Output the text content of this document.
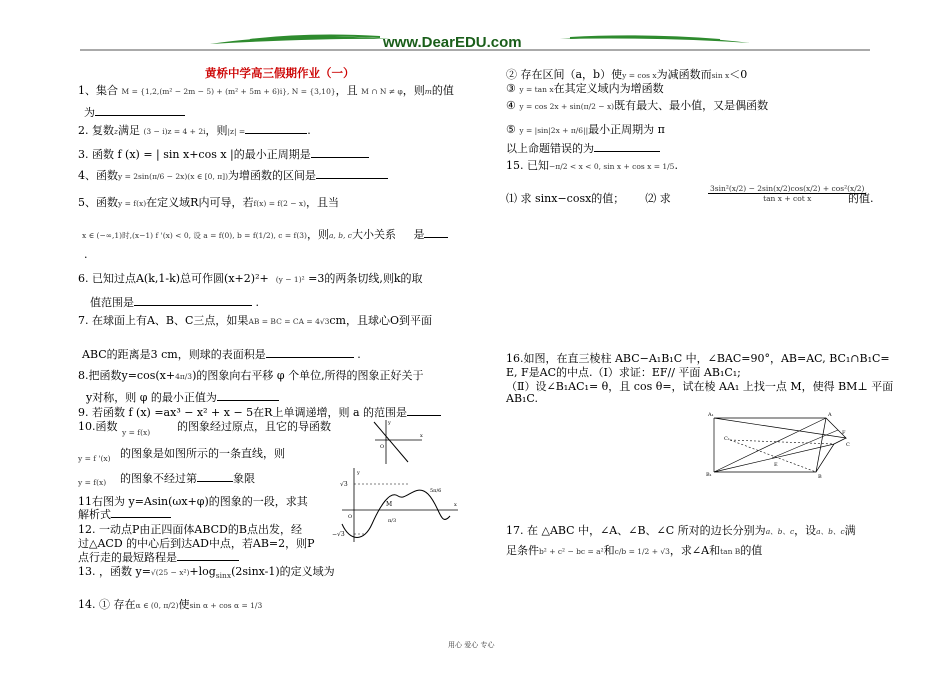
www.DearEDU.com
黄桥中学高三假期作业（一）
1、集合 M = {1,2,(m² − 2m − 5) + (m² + 5m + 6)i}, N = {3,10}，且 M ∩ N ≠ φ，则m的值
为
2. 复数z满足 (3 − i)z = 4 + 2i，则|z| =	.
3. 函数 f (x) = | sin x+cos x |的最小正周期是
4、函数y = 2sin(π/6 − 2x)(x ∈ [0, π])为增函数的区间是
5、函数y = f(x)在定义域R内可导，若f(x) = f(2 − x)，且当
x ∈ (−∞,1)时,(x−1) f '(x) < 0, 设 a = f(0), b = f(1/2), c = f(3)，则a, b, c大小关系 是
.
6. 已知过点A(k,1-k)总可作圆(x+2)²+ (y − 1)² =3的两条切线,则k的取
值范围是	.
7. 在球面上有A、B、C三点，如果AB = BC = CA = 4√3cm，且球心O到平面
ABC的距离是3 cm，则球的表面积是	.
8.把函数y=cos(x+4π/3)的图象向右平移 φ 个单位,所得的图象正好关于
y对称，则 φ 的最小正值为
9. 若函数 f (x) =ax³ − x² + x − 5在R上单调递增，则 a 的范围是
10.函数 y = f(x) 的图象经过原点，且它的导函数
y = f '(x) 的图象是如图所示的一条直线，则
y = f(x) 的图象不经过第	象限
x
y
O
11右图为 y=Asin(ωx+φ)的图象的一段，求其
解析式
√3
−√3
M
π/3
5π/6
O
x
y
12. 一动点P由正四面体ABCD的B点出发，经
过△ACD 的中心后到达AD中点，若AB=2，则P
点行走的最短路程是
13. ，函数 $y=√(25 - x^2)+\log_{sinx}(2\sin x-1)$的定义域为
14. ① 存在α ∈ (0, π/2)使sin α + cos α = 1/3
② 存在区间（a，b）使y = cos x为减函数而sin x＜0
③ y = tan x在其定义域内为增函数
④ y = cos 2x + sin(π/2 − x)既有最大、最小值，又是偶函数
⑤ y = |sin|2x + π/6||最小正周期为 π
以上命题错误的为
15. 已知−π/2 < x < 0, sin x + cos x = 1/5.
⑴ 求 sinx−cosx的值； ⑵ 求
3sin²(x/2) − 2sin(x/2)cos(x/2) + cos²(x/2)
tan x + cot x	的值.
16.如图，在直三棱柱 ABC−A₁B₁C 中，∠BAC=90°，AB=AC, BC₁∩B₁C=
E, F是AC的中点.（Ⅰ）求证：EF// 平面 AB₁C₁;
（Ⅱ）设∠B₁AC₁= θ，且 cos θ=，试在棱 AA₁ 上找一点 M，使得 BM⊥ 平面
AB₁C.
A₁	A
C₁
F
C
E
B₁	B
17. 在 △ABC 中，∠A、∠B、∠C 所对的边长分别为a、b、c，设a、b、c满
足条件b² + c² − bc = a²和c/b = 1/2 + √3，求∠A和tan B的值
用心 爱心 专心
